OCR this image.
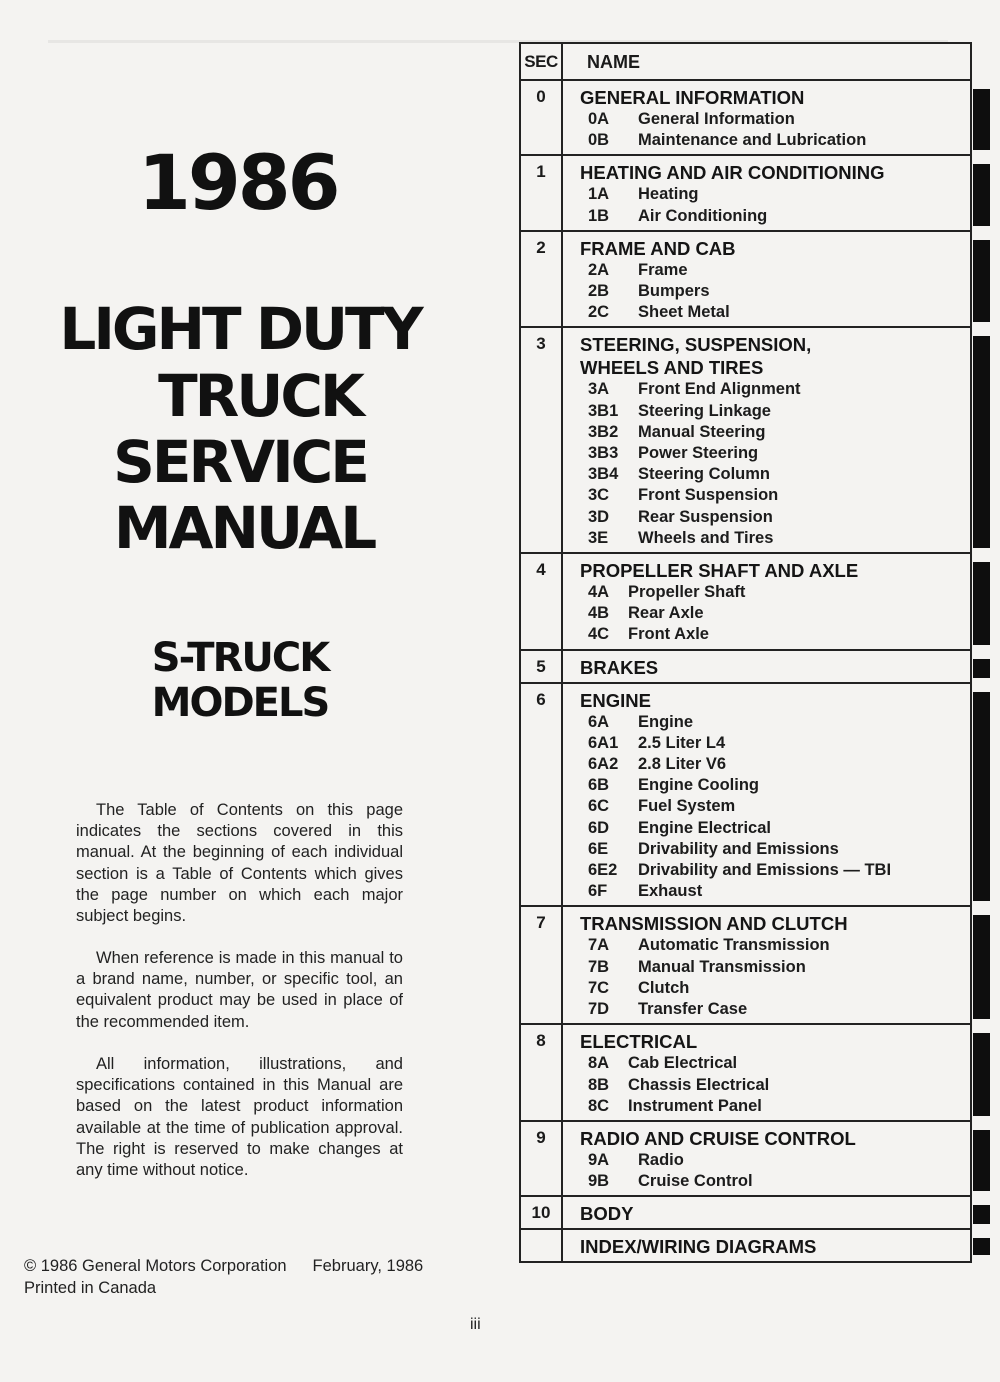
1986
LIGHT DUTY
TRUCK
SERVICE
MANUAL
S-TRUCK
MODELS

The Table of Contents on this page indicates the sections covered in this manual. At the beginning of each individual section is a Table of Contents which gives the page number on which each major subject begins.

When reference is made in this manual to a brand name, number, or specific tool, an equivalent product may be used in place of the recommended item.

All information, illustrations, and specifications contained in this Manual are based on the latest product information available at the time of publication approval. The right is reserved to make changes at any time without notice.

© 1986 General Motors Corporation February, 1986
Printed in Canada
iii
SEC	NAME
0	GENERAL INFORMATION
0A	General Information
0B	Maintenance and Lubrication
1	HEATING AND AIR CONDITIONING
1A	Heating
1B	Air Conditioning
2	FRAME AND CAB
2A	Frame
2B	Bumpers
2C	Sheet Metal
3	STEERING, SUSPENSION,
WHEELS AND TIRES
3A	Front End Alignment
3B1	Steering Linkage
3B2	Manual Steering
3B3	Power Steering
3B4	Steering Column
3C	Front Suspension
3D	Rear Suspension
3E	Wheels and Tires
4	PROPELLER SHAFT AND AXLE
4A	Propeller Shaft
4B	Rear Axle
4C	Front Axle
5	BRAKES
6	ENGINE
6A	Engine
6A1	2.5 Liter L4
6A2	2.8 Liter V6
6B	Engine Cooling
6C	Fuel System
6D	Engine Electrical
6E	Drivability and Emissions
6E2	Drivability and Emissions — TBI
6F	Exhaust
7	TRANSMISSION AND CLUTCH
7A	Automatic Transmission
7B	Manual Transmission
7C	Clutch
7D	Transfer Case
8	ELECTRICAL
8A	Cab Electrical
8B	Chassis Electrical
8C	Instrument Panel
9	RADIO AND CRUISE CONTROL
9A	Radio
9B	Cruise Control
10	BODY
INDEX/WIRING DIAGRAMS
